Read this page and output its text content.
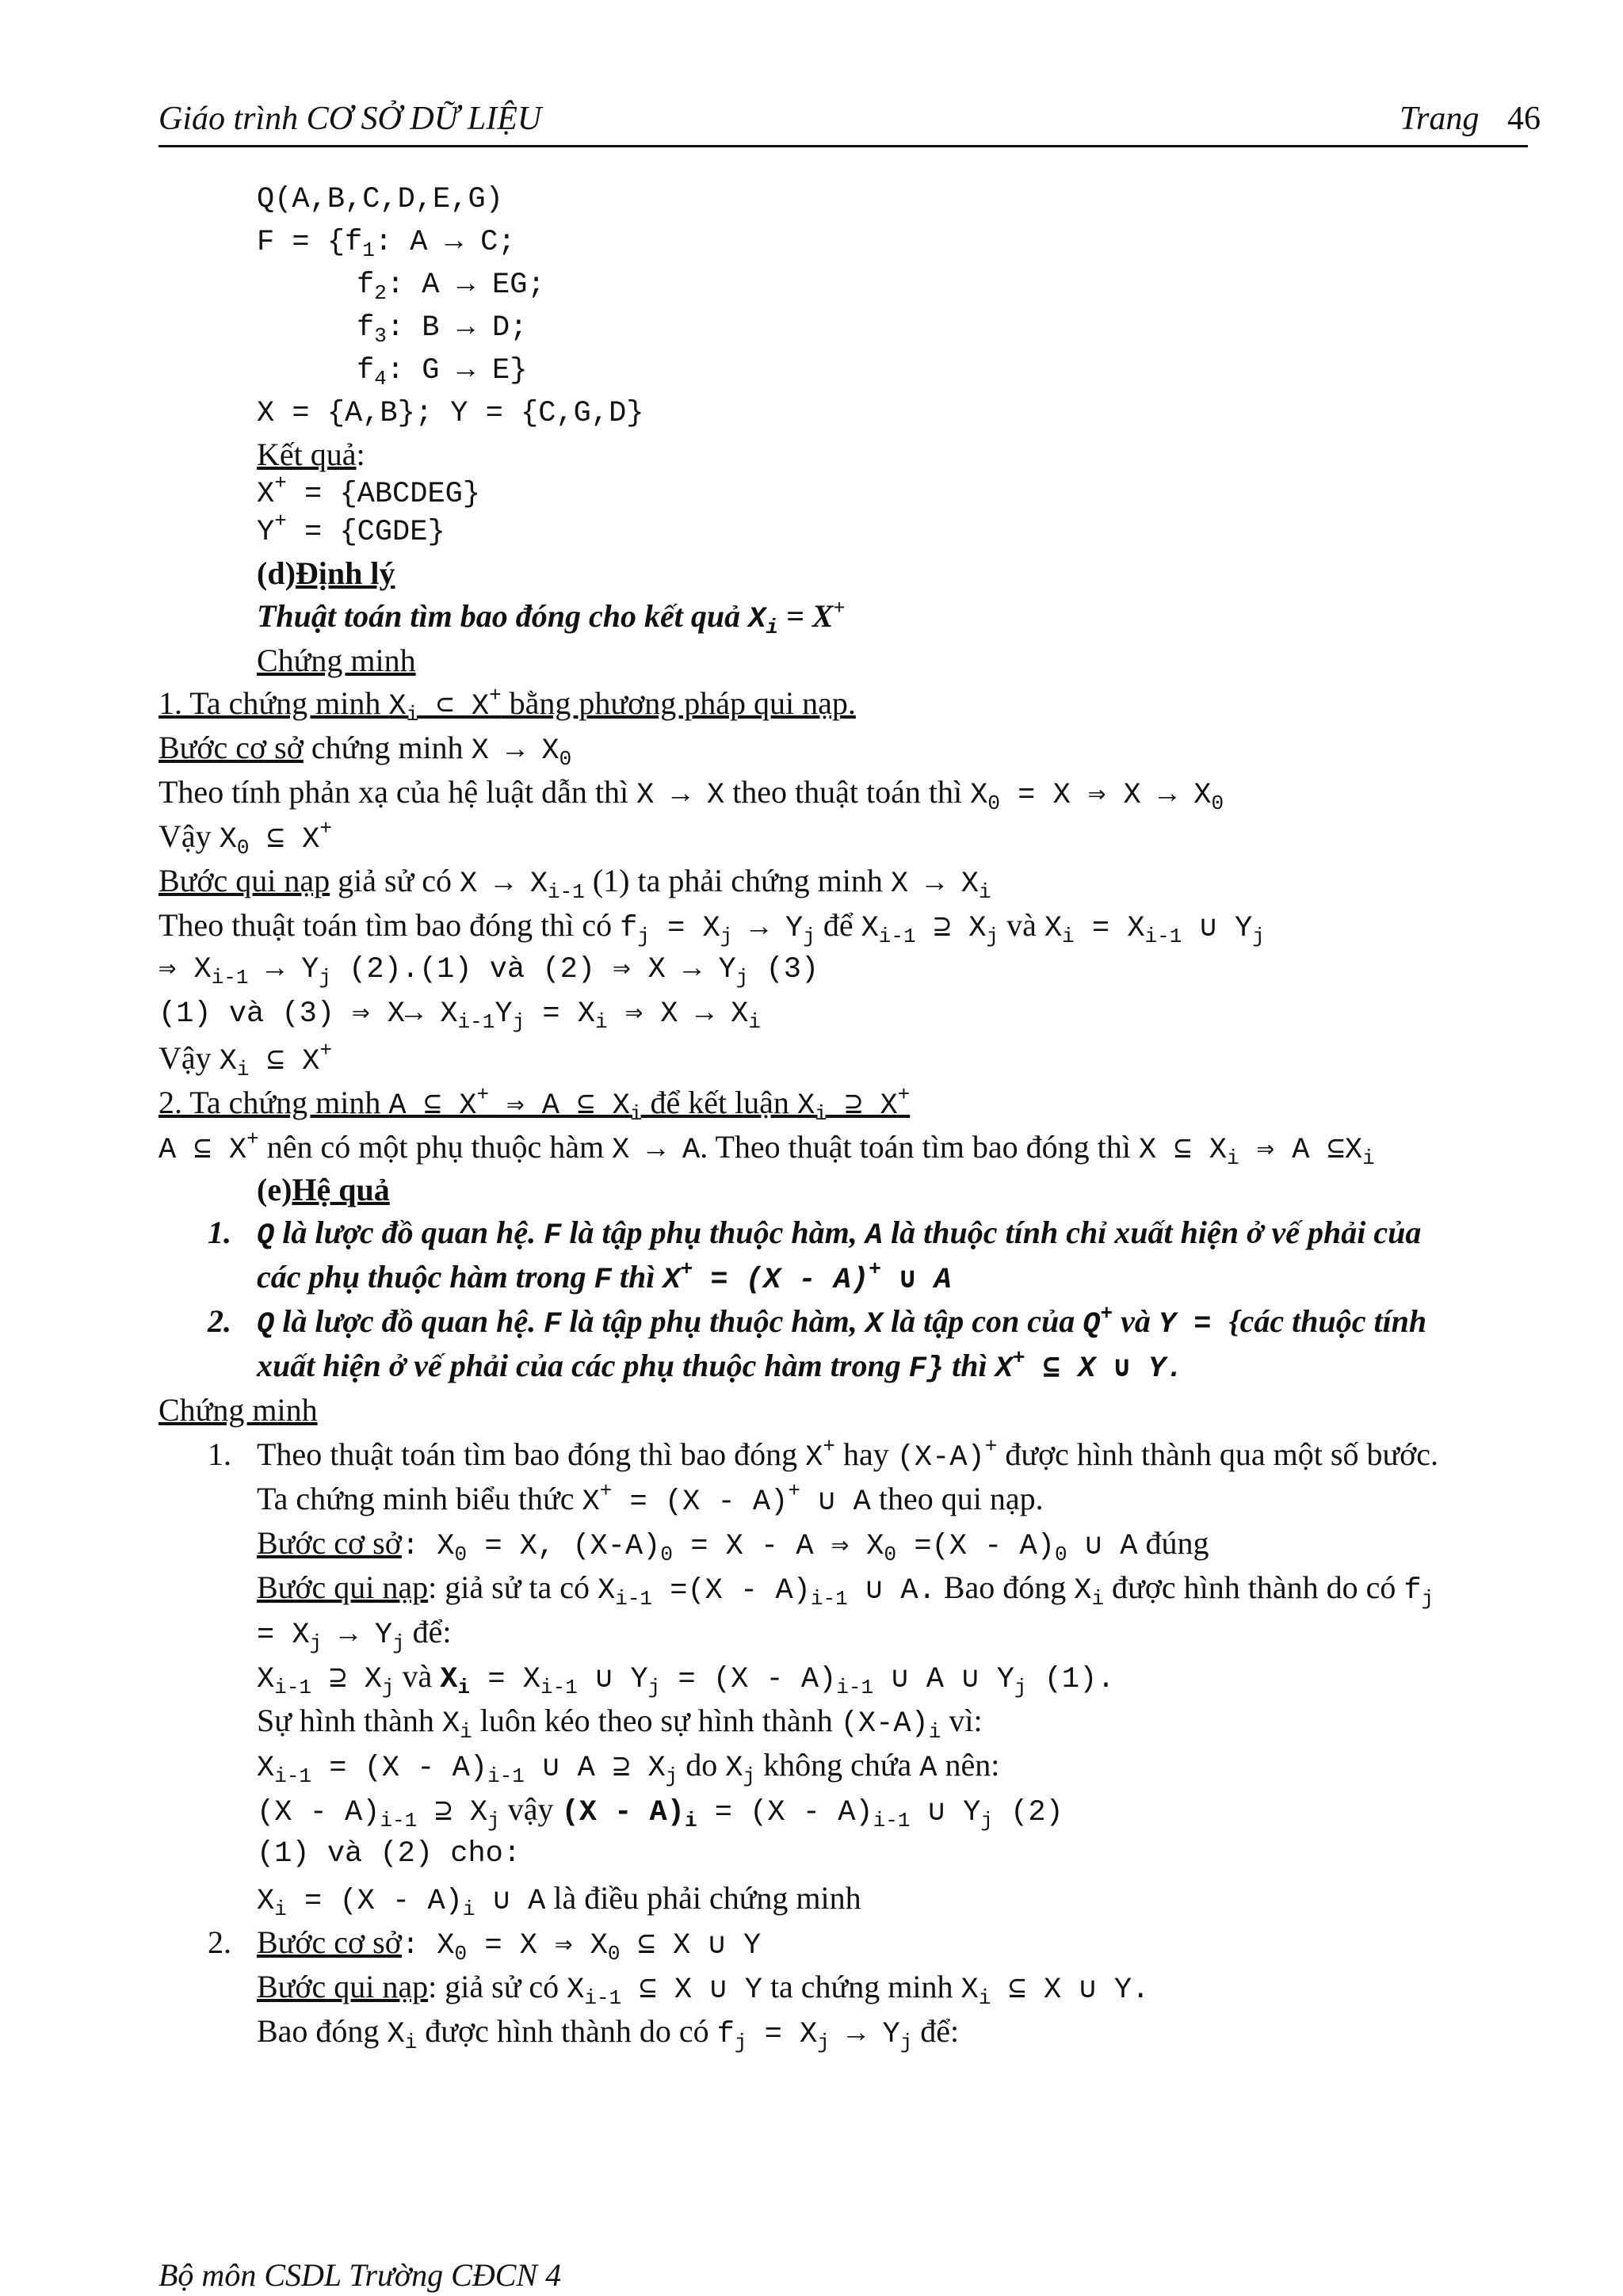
Giáo trình CƠ SỞ DỮ LIỆU	Trang 46
Q(A,B,C,D,E,G)
$F = \{f_1$: A → C;
$f_2$: A → EG;
$f_3$: B → D;
$f_4$: G → E}
X = {A,B}; Y = {C,G,D}
Kết quả:
X+ = {ABCDEG}
Y+ = {CGDE}
(d)Định lý
Thuật toán tìm bao đóng cho kết quả $X_i = X^+$
Chứng minh
1. Ta chứng minh $X_i$ ⊂ X+ bằng phương pháp qui nạp.
Bước cơ sở chứng minh $X \to X_0$
Theo tính phản xạ của hệ luật dẫn thì X → X theo thuật toán thì $X_0 = X$ ⇒ $X \to X_0$
Vậy $X_0$ ⊆ X+
Bước qui nạp giả sử có $X \to X_{i-1}$ (1) ta phải chứng minh $X \to X_i$
Theo thuật toán tìm bao đóng thì có $f_j = X_j \to Y_j$ để $X_{i-1}$ ⊇ $X_j$ và $X_i = X_{i-1}$ ∪ $Y_j$
⇒ $X_{i-1} \to Y_j$ (2).(1) và (2) ⇒ $X \to Y_j$ (3)
(1) và (3) ⇒ $X\to X_{i-1}Y_j = X_i$ ⇒ $X \to X_i$
Vậy $X_i$ ⊆ X+
2. Ta chứng minh A ⊆ X+ ⇒ A ⊆ $X_i$ để kết luận $X_i$ ⊇ X+
A ⊆ X+ nên có một phụ thuộc hàm X → A. Theo thuật toán tìm bao đóng thì X ⊆ $X_i$ ⇒ A $⊆X_i$
(e)Hệ quả
1. Q là lược đồ quan hệ. F là tập phụ thuộc hàm, A là thuộc tính chỉ xuất hiện ở vế phải của
các phụ thuộc hàm trong F thì X+ = (X - A)+ ∪ A
2. Q là lược đồ quan hệ. F là tập phụ thuộc hàm, X là tập con của Q+ và Y = {các thuộc tính
xuất hiện ở vế phải của các phụ thuộc hàm trong F} thì X+ ⊆ X ∪ Y.
Chứng minh
1. Theo thuật toán tìm bao đóng thì bao đóng X+ hay (X-A)+ được hình thành qua một số bước.
Ta chứng minh biểu thức X+ = (X - A)+ ∪ A theo qui nạp.
Bước cơ sở: $X_0 = X$, $(X-A)_0 = X - A$ ⇒ $X_0 =(X - A)_0$ ∪ A đúng
Bước qui nạp: giả sử ta có $X_{i-1} =(X - A)_{i-1}$ ∪ A. Bao đóng $X_i$ được hình thành do có $f_j$
= $X_j \to Y_j$ để:
$X_{i-1}$ ⊇ $X_j$ và $X_i = X_{i-1}$ ∪ $Y_j = (X - A)_{i-1}$ ∪ A ∪ $Y_j$ (1).
Sự hình thành $X_i$ luôn kéo theo sự hình thành $(X-A)_i$ vì:
$X_{i-1} = (X - A)_{i-1}$ ∪ A ⊇ $X_j$ do $X_j$ không chứa A nên:
$(X - A)_{i-1}$ ⊇ $X_j$ vậy $(X - A)_i = (X - A)_{i-1}$ ∪ $Y_j$ (2)
(1) và (2) cho:
$X_i = (X - A)_i$ ∪ A là điều phải chứng minh
2. Bước cơ sở: $X_0 = X$ ⇒ $X_0$ ⊆ X ∪ Y
Bước qui nạp: giả sử có $X_{i-1}$ ⊆ X ∪ Y ta chứng minh $X_i$ ⊆ X ∪ Y.
Bao đóng $X_i$ được hình thành do có $f_j = X_j \to Y_j$ để:
Bộ môn CSDL Trường CĐCN 4
